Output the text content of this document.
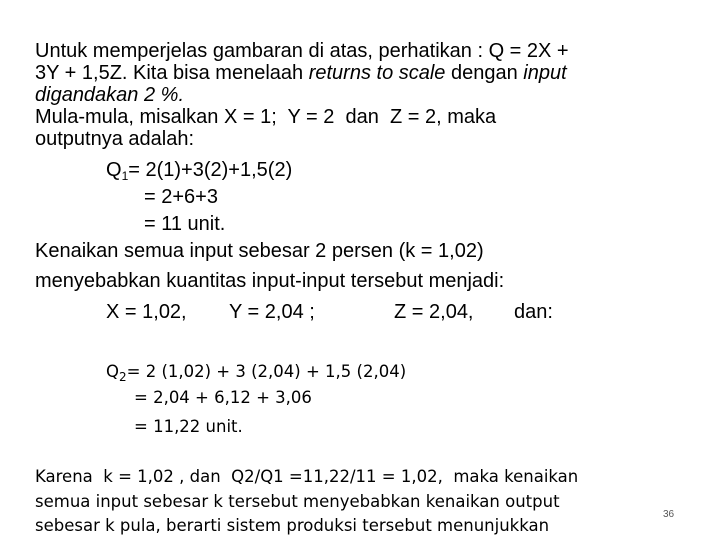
Untuk memperjelas gambaran di atas, perhatikan : Q = 2X +
3Y + 1,5Z. Kita bisa menelaah returns to scale dengan input
digandakan 2 %.
Mula-mula, misalkan X = 1;  Y = 2  dan  Z = 2, maka
outputnya adalah:
$Q_1= 2(1)+3(2)+1,5(2)$
= 2+6+3
= 11 unit.
Kenaikan semua input sebesar 2 persen (k = 1,02)
menyebabkan kuantitas input-input tersebut menjadi:
X = 1,02, Y = 2,04 ;	Z = 2,04, dan:
$Q_2= 2$ (1,02) + 3 (2,04) + 1,5 (2,04)
= 2,04 + 6,12 + 3,06
= 11,22 unit.
Karena  k = 1,02 , dan  Q2/Q1 =11,22/11 = 1,02,  maka kenaikan
semua input sebesar k tersebut menyebabkan kenaikan output
sebesar k pula, berarti sistem produksi tersebut menunjukkan
36
